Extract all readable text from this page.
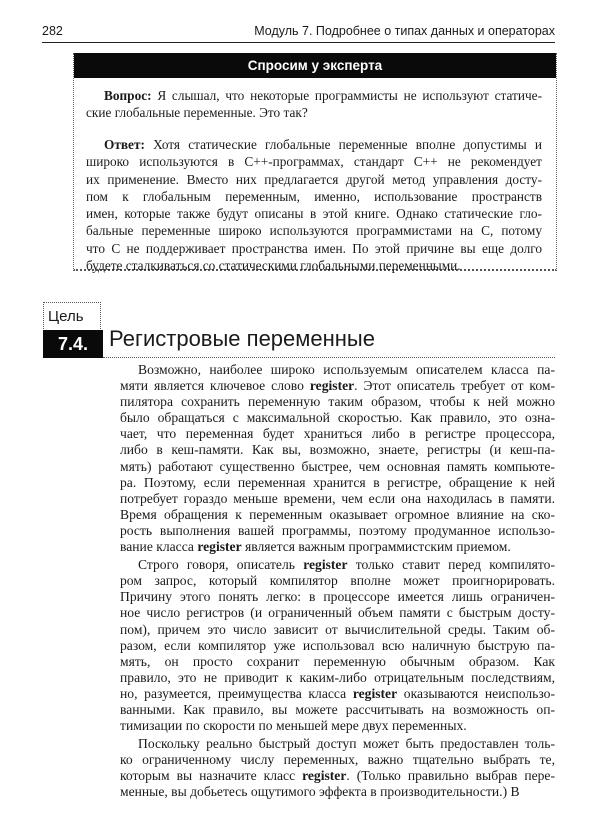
282	Модуль 7. Подробнее о типах данных и операторах
Спросим у эксперта
Вопрос: Я слышал, что некоторые программисты не используют статиче-
ские глобальные переменные. Это так?
Ответ: Хотя статические глобальные переменные вполне допустимы и
широко используются в С++-программах, стандарт С++ не рекомендует
их применение. Вместо них предлагается другой метод управления досту-
пом к глобальным переменным, именно, использование пространств
имен, которые также будут описаны в этой книге. Однако статические гло-
бальные переменные широко используются программистами на С, потому
что С не поддерживает пространства имен. По этой причине вы еще долго
будете сталкиваться со статическими глобальными переменными.
Цель
7.4. Регистровые переменные
Возможно, наиболее широко используемым описателем класса па-
мяти является ключевое слово register. Этот описатель требует от ком-
пилятора сохранить переменную таким образом, чтобы к ней можно
было обращаться с максимальной скоростью. Как правило, это озна-
чает, что переменная будет храниться либо в регистре процессора,
либо в кеш-памяти. Как вы, возможно, знаете, регистры (и кеш-па-
мять) работают существенно быстрее, чем основная память компьюте-
ра. Поэтому, если переменная хранится в регистре, обращение к ней
потребует гораздо меньше времени, чем если она находилась в памяти.
Время обращения к переменным оказывает огромное влияние на ско-
рость выполнения вашей программы, поэтому продуманное использо-
вание класса register является важным программистским приемом.
Строго говоря, описатель register только ставит перед компилято-
ром запрос, который компилятор вполне может проигнорировать.
Причину этого понять легко: в процессоре имеется лишь ограничен-
ное число регистров (и ограниченный объем памяти с быстрым досту-
пом), причем это число зависит от вычислительной среды. Таким об-
разом, если компилятор уже использовал всю наличную быструю па-
мять, он просто сохранит переменную обычным образом. Как
правило, это не приводит к каким-либо отрицательным последствиям,
но, разумеется, преимущества класса register оказываются неиспользо-
ванными. Как правило, вы можете рассчитывать на возможность оп-
тимизации по скорости по меньшей мере двух переменных.
Поскольку реально быстрый доступ может быть предоставлен толь-
ко ограниченному числу переменных, важно тщательно выбрать те,
которым вы назначите класс register. (Только правильно выбрав пере-
менные, вы добьетесь ощутимого эффекта в производительности.) В
